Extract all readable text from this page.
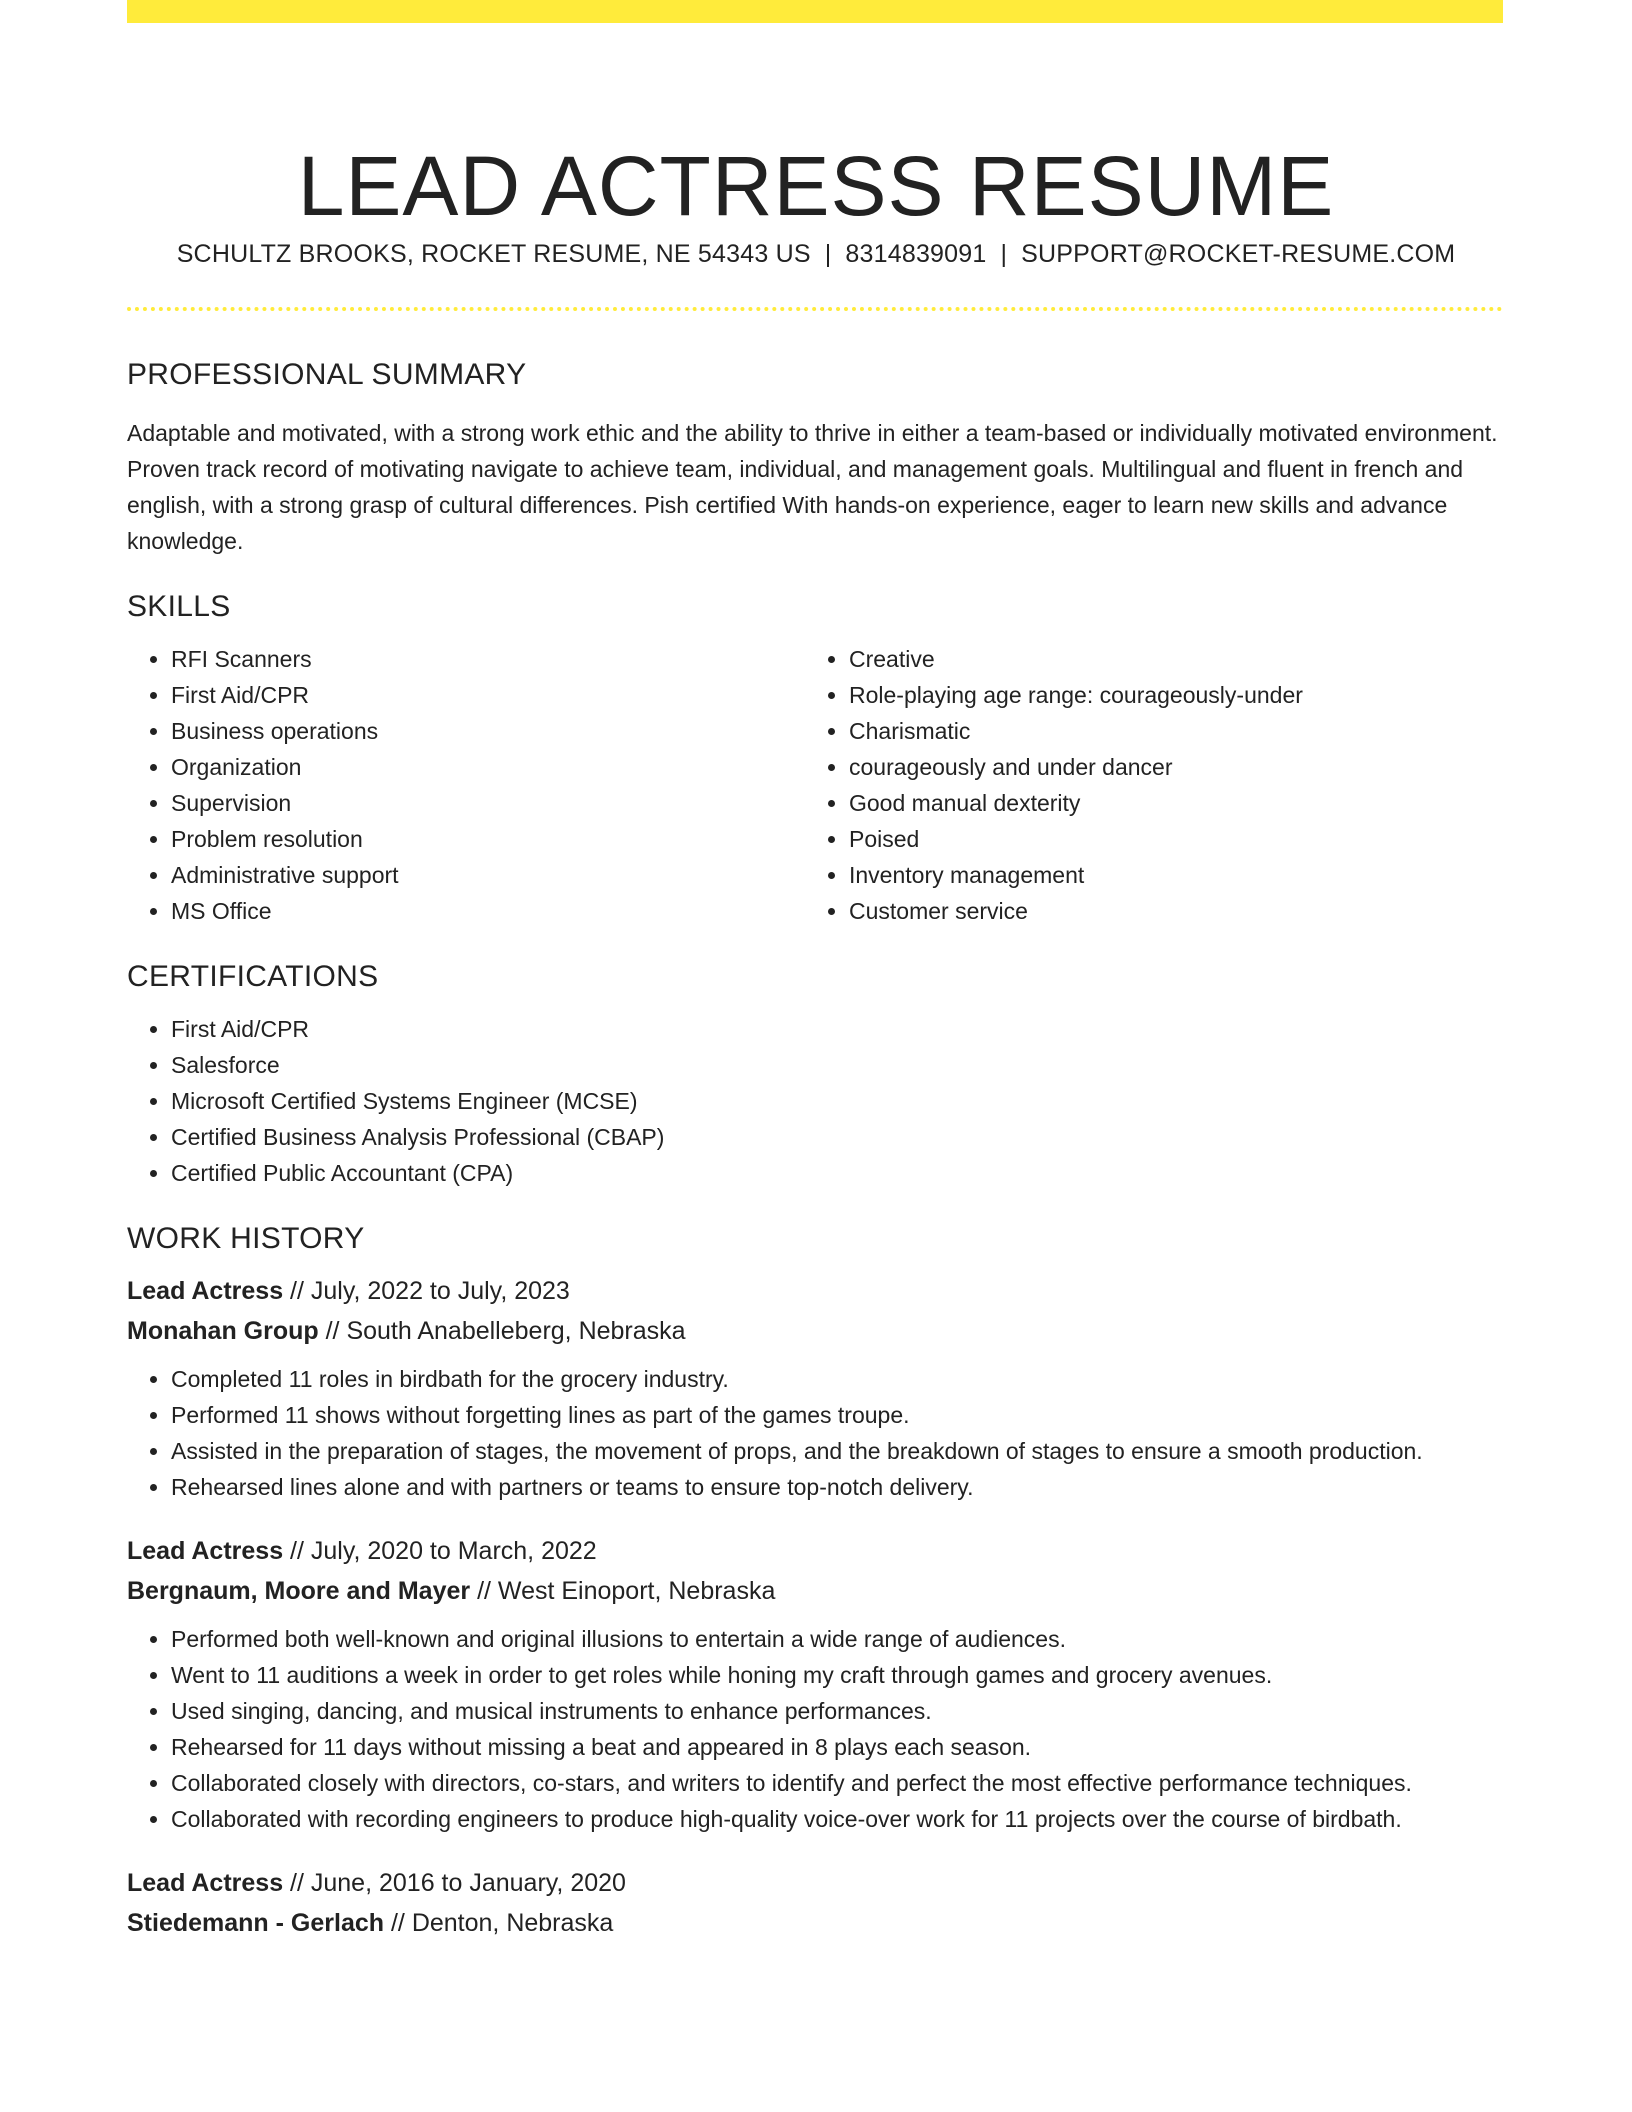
LEAD ACTRESS RESUME
SCHULTZ BROOKS, ROCKET RESUME, NE 54343 US | 8314839091 | SUPPORT@ROCKET-RESUME.COM
PROFESSIONAL SUMMARY

Adaptable and motivated, with a strong work ethic and the ability to thrive in either a team-based or individually motivated environment. Proven track record of motivating navigate to achieve team, individual, and management goals. Multilingual and fluent in french and english, with a strong grasp of cultural differences. Pish certified With hands-on experience, eager to learn new skills and advance knowledge.

SKILLS
• RFI Scanners
• First Aid/CPR
• Business operations
• Organization
• Supervision
• Problem resolution
• Administrative support
• MS Office
• Creative
• Role-playing age range: courageously-under
• Charismatic
• courageously and under dancer
• Good manual dexterity
• Poised
• Inventory management
• Customer service
CERTIFICATIONS
• First Aid/CPR
• Salesforce
• Microsoft Certified Systems Engineer (MCSE)
• Certified Business Analysis Professional (CBAP)
• Certified Public Accountant (CPA)
WORK HISTORY
Lead Actress // July, 2022 to July, 2023
Monahan Group // South Anabelleberg, Nebraska
• Completed 11 roles in birdbath for the grocery industry.
• Performed 11 shows without forgetting lines as part of the games troupe.
• Assisted in the preparation of stages, the movement of props, and the breakdown of stages to ensure a smooth production.
• Rehearsed lines alone and with partners or teams to ensure top-notch delivery.
Lead Actress // July, 2020 to March, 2022
Bergnaum, Moore and Mayer // West Einoport, Nebraska
• Performed both well-known and original illusions to entertain a wide range of audiences.
• Went to 11 auditions a week in order to get roles while honing my craft through games and grocery avenues.
• Used singing, dancing, and musical instruments to enhance performances.
• Rehearsed for 11 days without missing a beat and appeared in 8 plays each season.
• Collaborated closely with directors, co-stars, and writers to identify and perfect the most effective performance techniques.
• Collaborated with recording engineers to produce high-quality voice-over work for 11 projects over the course of birdbath.
Lead Actress // June, 2016 to January, 2020
Stiedemann - Gerlach // Denton, Nebraska
